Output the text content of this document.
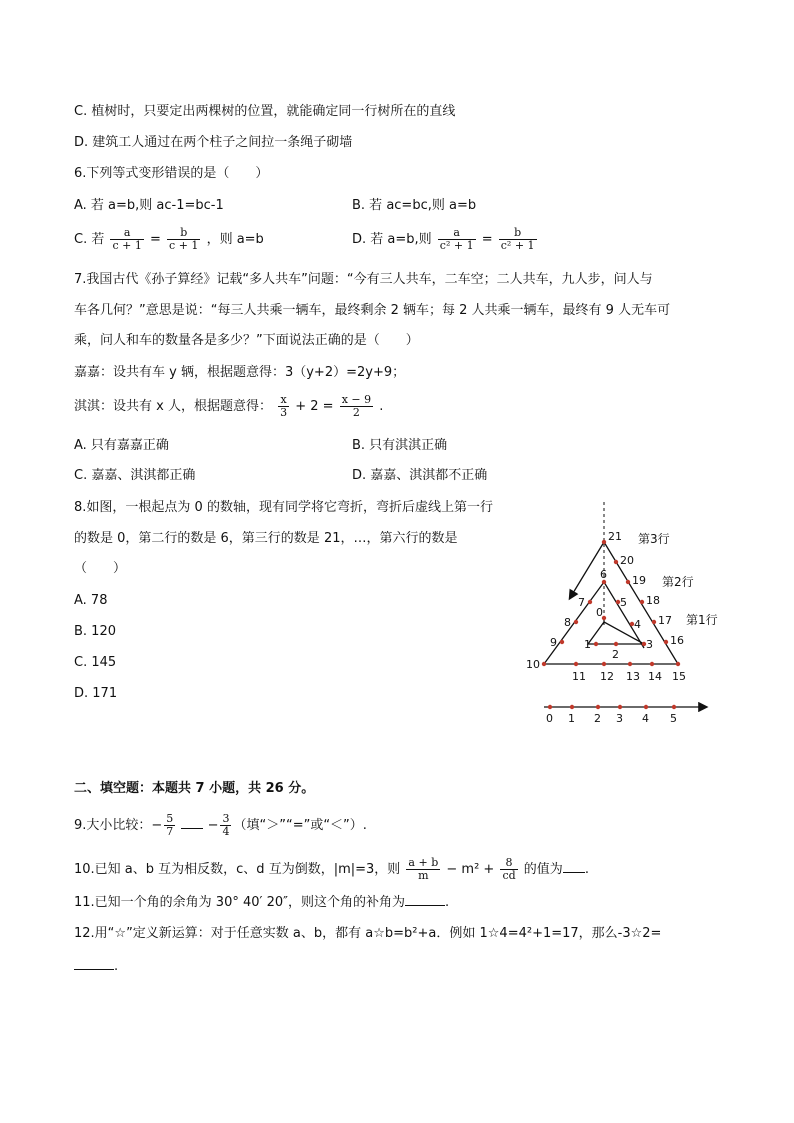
C. 植树时，只要定出两棵树的位置，就能确定同一行树所在的直线
D. 建筑工人通过在两个柱子之间拉一条绳子砌墙
6.下列等式变形错误的是（　　）
A. 若 a=b,则 ac-1=bc-1	B. 若 ac=bc,则 a=b
C. 若 $\frac{a}{c + 1} = \frac{b}{c + 1}$ ，则 a=b	D. 若 a=b,则 $\frac{a}{\text{c² + 1}} = \frac{b}{\text{c² + 1}}$
7.我国古代《孙子算经》记载“多人共车”问题：“今有三人共车，二车空；二人共车，九人步，问人与
车各几何？”意思是说：“每三人共乘一辆车，最终剩余 2 辆车；每 2 人共乘一辆车，最终有 9 人无车可
乘，问人和车的数量各是多少？”下面说法正确的是（　　）
嘉嘉：设共有车 y 辆，根据题意得：3（y+2）=2y+9；
淇淇：设共有 x 人，根据题意得： $\frac{x}{3} + 2 = \frac{x - 9}{2}$ .
A. 只有嘉嘉正确	B. 只有淇淇正确
C. 嘉嘉、淇淇都正确	D. 嘉嘉、淇淇都不正确
8.如图，一根起点为 0 的数轴，现有同学将它弯折，弯折后虚线上第一行
的数是 0，第二行的数是 6，第三行的数是 21，…，第六行的数是
（　　）
A. 78
B. 120
C. 145
D. 171
0
1
2
3
4
5
6
7
8
9
10
11 12 13 14 15
16
17
18
19
20
21 第3行
第2行
第1行
0 1 2 3 4 5
二、填空题：本题共 7 小题，共 26 分。
9.大小比较：− $\frac{5}{7} - \frac{3}{4}$ （填“＞”“=”或“＜”）.
10.已知 a、b 互为相反数，c、d 互为倒数，|m|=3，则 $\frac{a + b}{m} - m^2 + \frac{8}{cd}$ 的值为 .
11.已知一个角的余角为 30° 40′ 20″，则这个角的补角为	.
12.用“☆”定义新运算：对于任意实数 a、b，都有 a☆b=b²+a．例如 1☆4=4²+1=17，那么-3☆2=
.
